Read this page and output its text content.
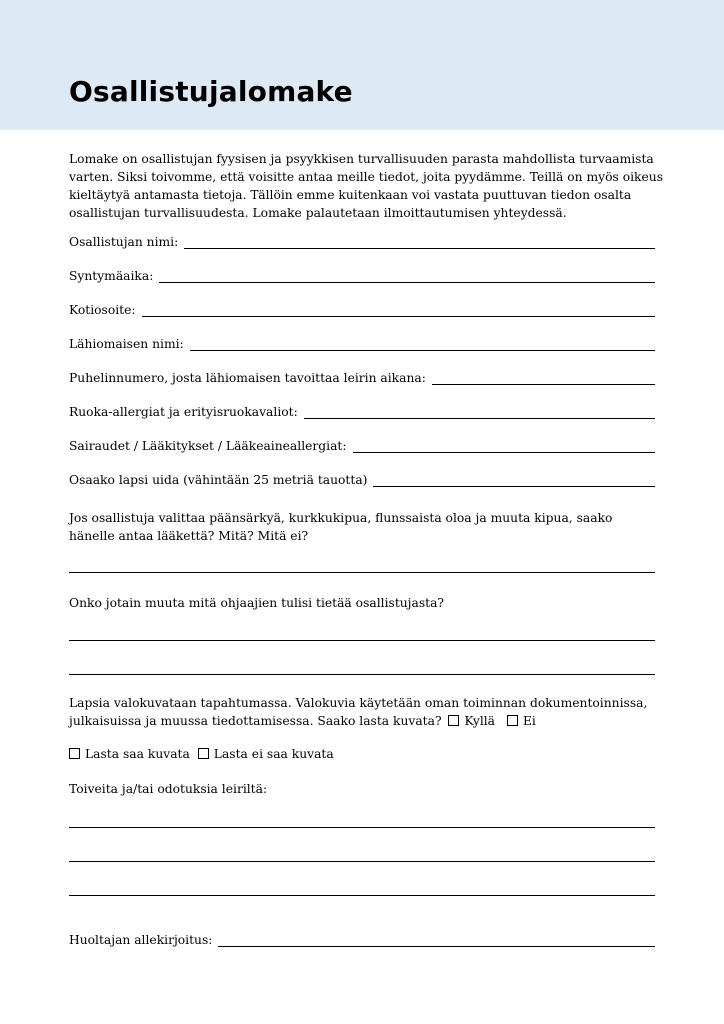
Osallistujalomake

Lomake on osallistujan fyysisen ja psyykkisen turvallisuuden parasta mahdollista turvaamista varten. Siksi toivomme, että voisitte antaa meille tiedot, joita pyydämme. Teillä on myös oikeus kieltäytyä antamasta tietoja. Tällöin emme kuitenkaan voi vastata puuttuvan tiedon osalta osallistujan turvallisuudesta. Lomake palautetaan ilmoittautumisen yhteydessä.

Osallistujan nimi:
Syntymäaika:
Kotiosoite:
Lähiomaisen nimi:
Puhelinnumero, josta lähiomaisen tavoittaa leirin aikana:
Ruoka-allergiat ja erityisruokavaliot:
Sairaudet / Lääkitykset / Lääkeaineallergiat:
Osaako lapsi uida (vähintään 25 metriä tauotta)

Jos osallistuja valittaa päänsärkyä, kurkkukipua, flunssaista oloa ja muuta kipua, saako hänelle antaa lääkettä? Mitä? Mitä ei?

Onko jotain muuta mitä ohjaajien tulisi tietää osallistujasta?

Lapsia valokuvataan tapahtumassa. Valokuvia käytetään oman toiminnan dokumentoinnissa, julkaisuissa ja muussa tiedottamisessa. Saako lasta kuvata? Kyllä Ei

Lasta saa kuvata Lasta ei saa kuvata

Toiveita ja/tai odotuksia leiriltä:

Huoltajan allekirjoitus:
